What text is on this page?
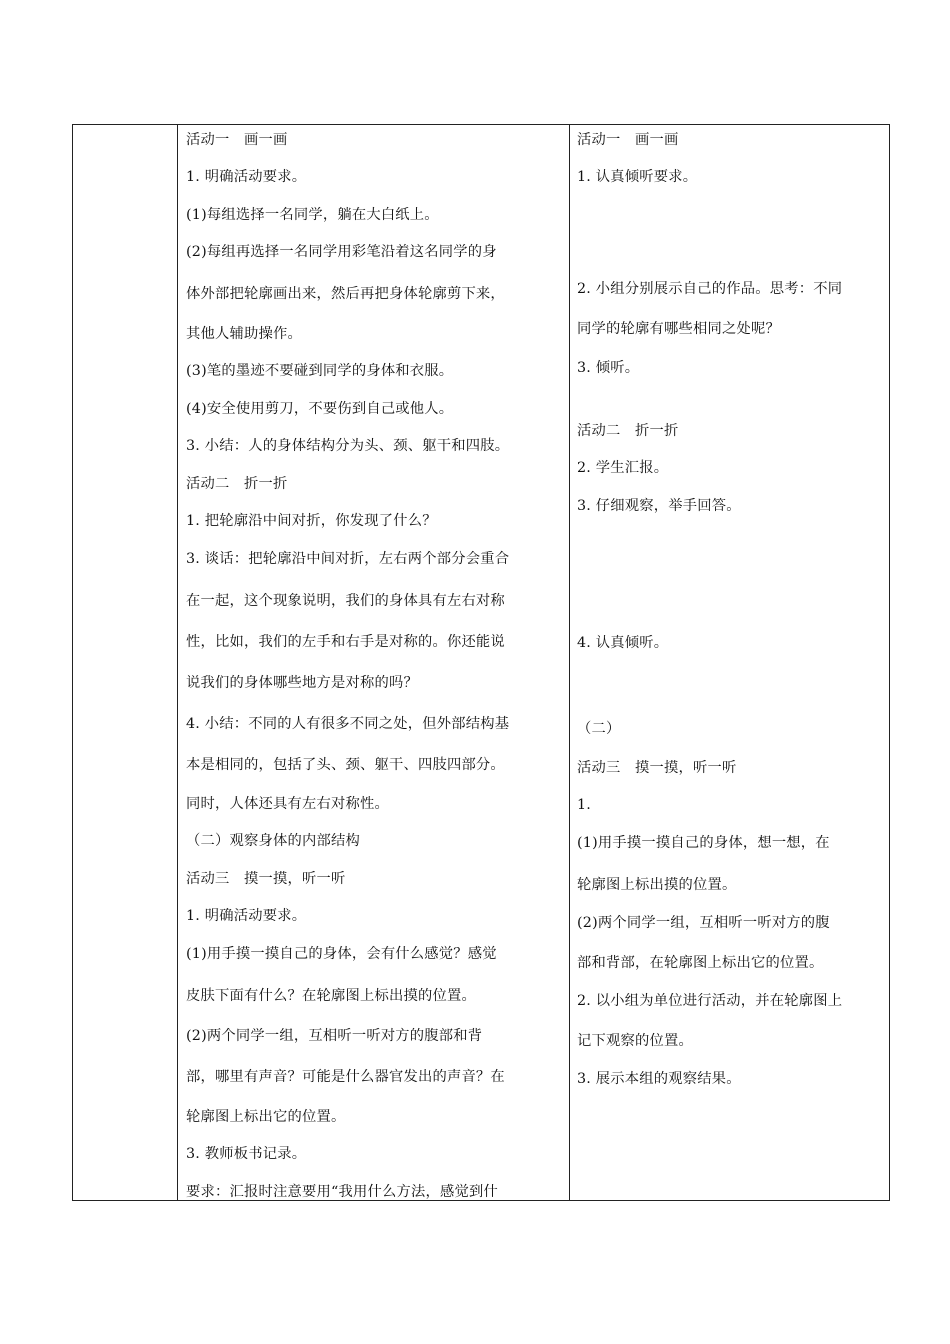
活动一　画一画
1. 明确活动要求。
(1)每组选择一名同学，躺在大白纸上。
(2)每组再选择一名同学用彩笔沿着这名同学的身
体外部把轮廓画出来，然后再把身体轮廓剪下来，
其他人辅助操作。
(3)笔的墨迹不要碰到同学的身体和衣服。
(4)安全使用剪刀，不要伤到自己或他人。
3. 小结：人的身体结构分为头、颈、躯干和四肢。
活动二　折一折
1. 把轮廓沿中间对折，你发现了什么？
3. 谈话：把轮廓沿中间对折，左右两个部分会重合
在一起，这个现象说明，我们的身体具有左右对称
性，比如，我们的左手和右手是对称的。你还能说
说我们的身体哪些地方是对称的吗？
4. 小结：不同的人有很多不同之处，但外部结构基
本是相同的，包括了头、颈、躯干、四肢四部分。
同时，人体还具有左右对称性。
（二）观察身体的内部结构
活动三　摸一摸，听一听
1. 明确活动要求。
(1)用手摸一摸自己的身体，会有什么感觉？感觉
皮肤下面有什么？在轮廓图上标出摸的位置。
(2)两个同学一组，互相听一听对方的腹部和背
部，哪里有声音？可能是什么器官发出的声音？在
轮廓图上标出它的位置。
3. 教师板书记录。
要求：汇报时注意要用“我用什么方法，感觉到什
活动一　画一画
1. 认真倾听要求。
2. 小组分别展示自己的作品。思考：不同
同学的轮廓有哪些相同之处呢？
3. 倾听。
活动二　折一折
2. 学生汇报。
3. 仔细观察，举手回答。
4. 认真倾听。
（二）
活动三　摸一摸，听一听
1.
(1)用手摸一摸自己的身体，想一想，在
轮廓图上标出摸的位置。
(2)两个同学一组，互相听一听对方的腹
部和背部，在轮廓图上标出它的位置。
2. 以小组为单位进行活动，并在轮廓图上
记下观察的位置。
3. 展示本组的观察结果。
